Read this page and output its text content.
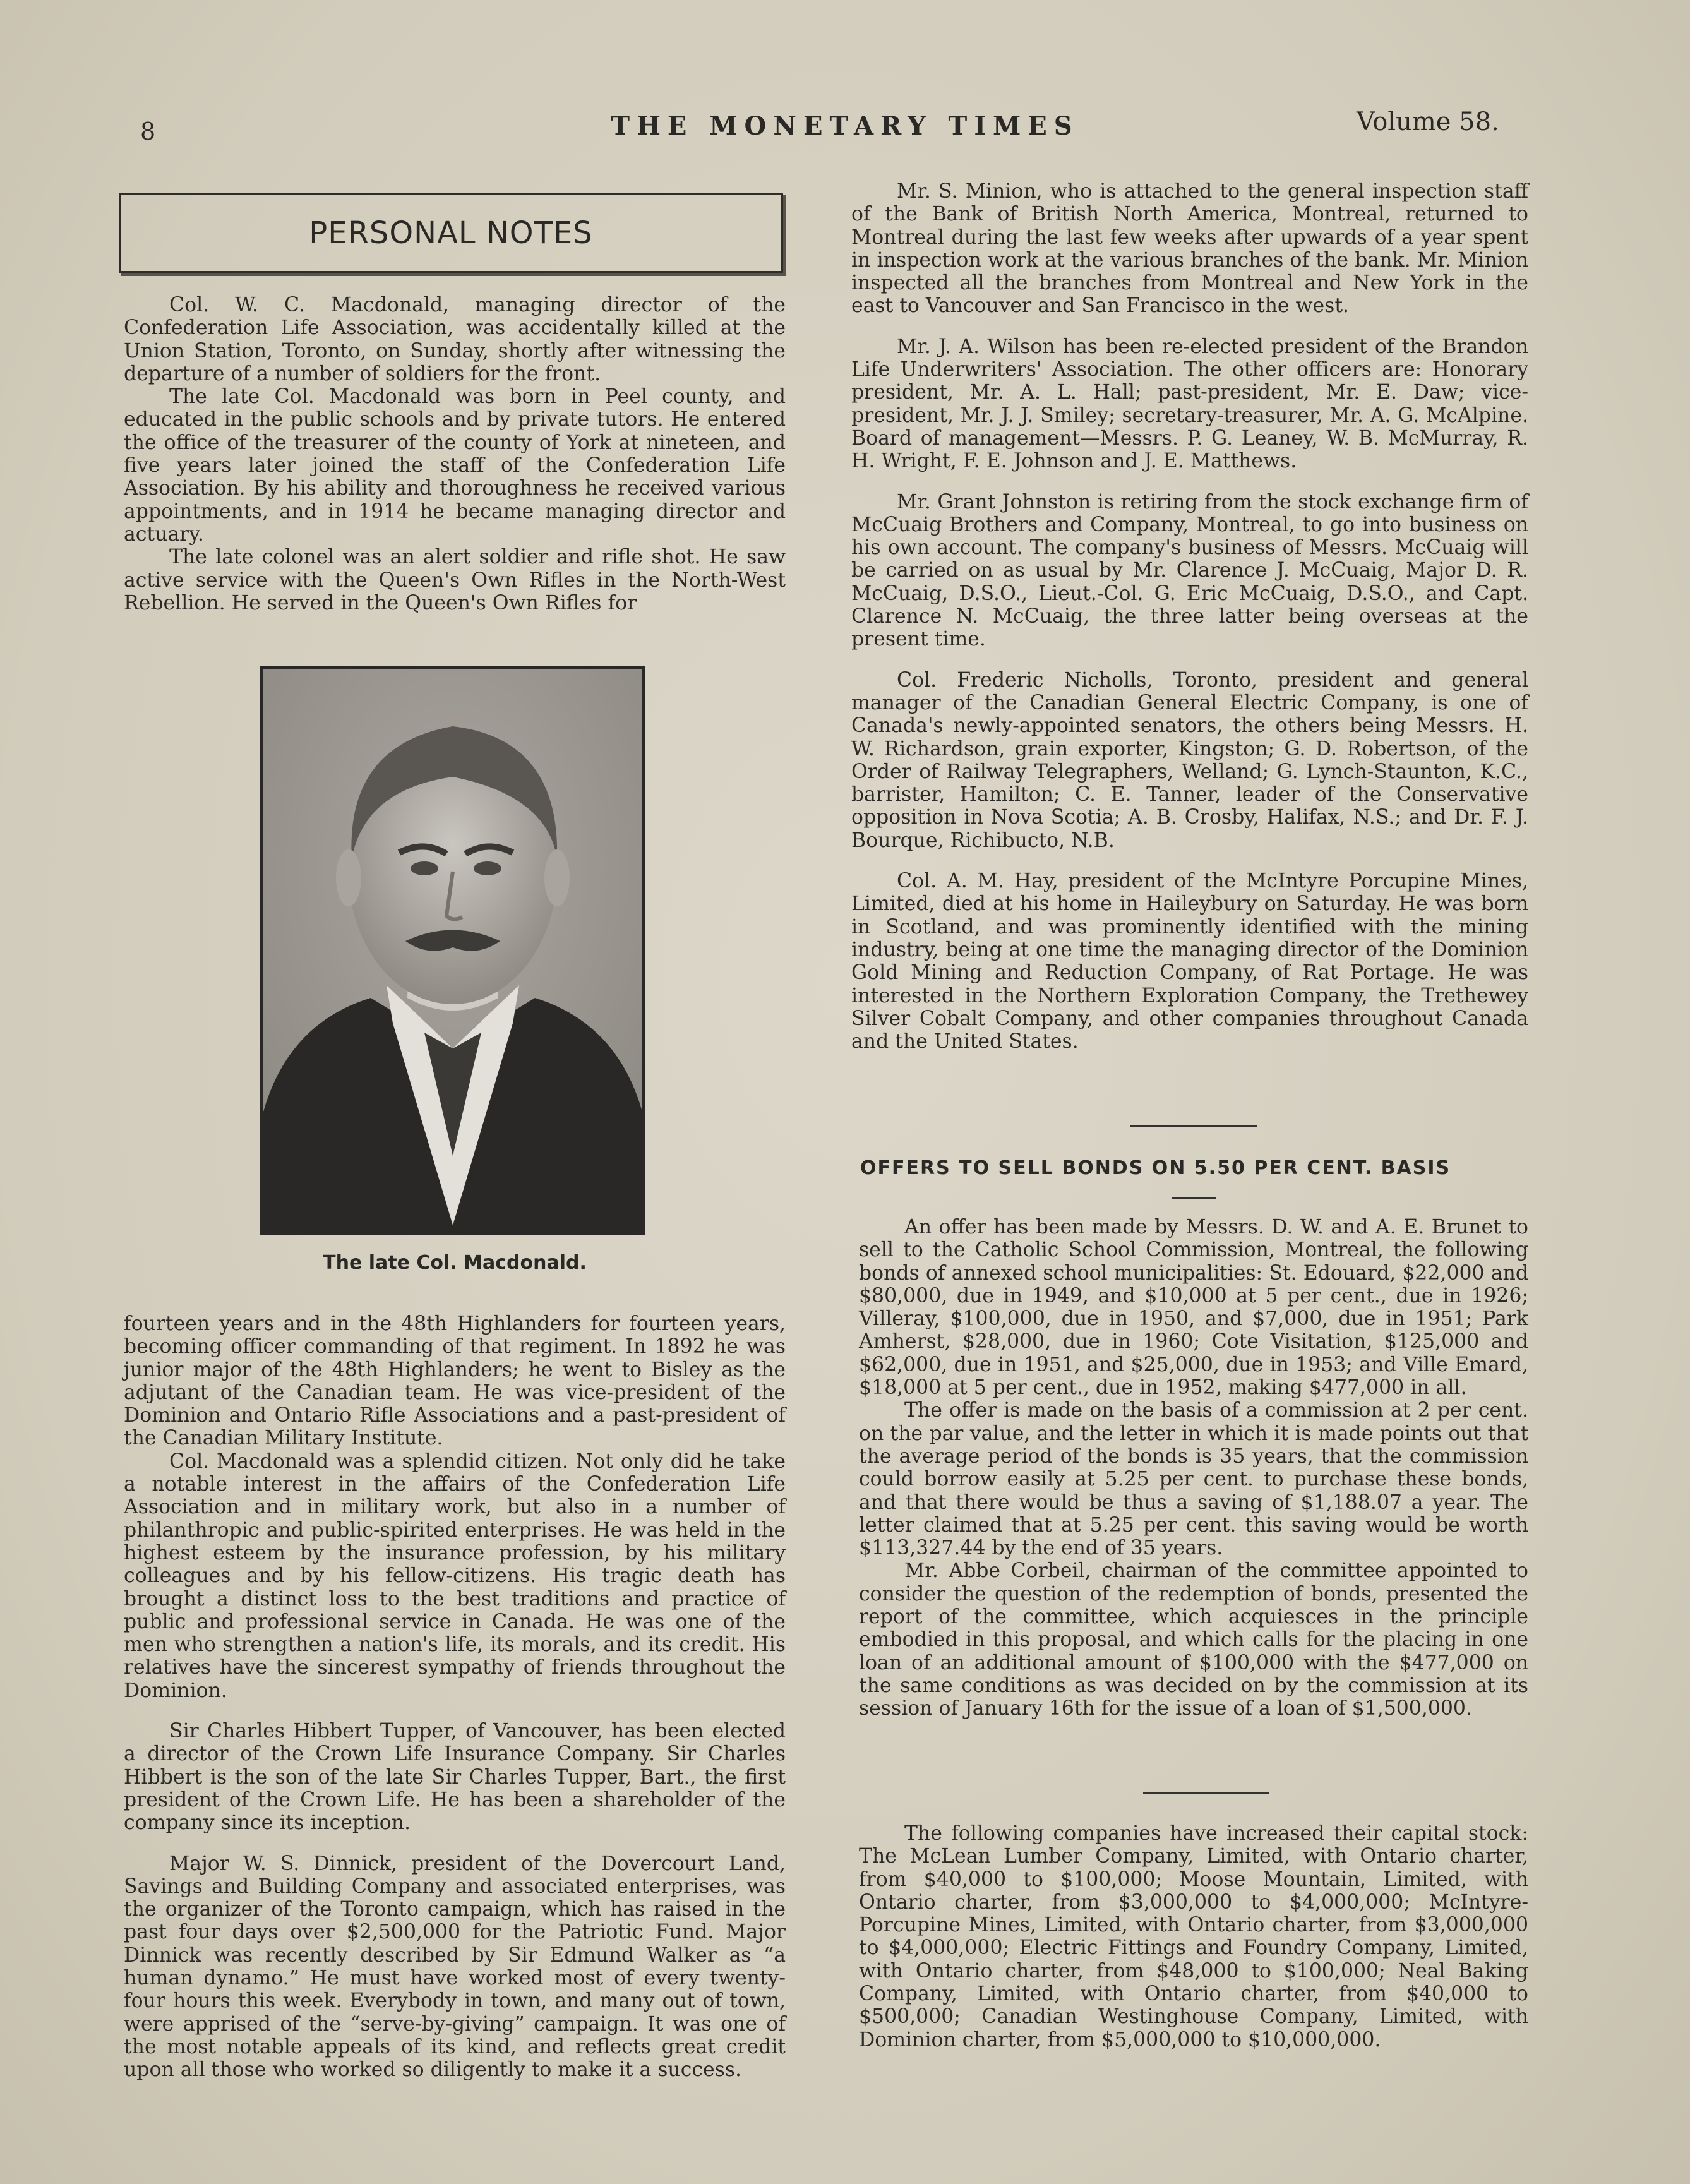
8	THE MONETARY TIMES	Volume 58.
PERSONAL NOTES

Col. W. C. Macdonald, managing director of the Confederation Life Association, was accidentally killed at the Union Station, Toronto, on Sunday, shortly after witnessing the departure of a number of soldiers for the front.

The late Col. Macdonald was born in Peel county, and educated in the public schools and by private tutors. He entered the office of the treasurer of the county of York at nineteen, and five years later joined the staff of the Confederation Life Association. By his ability and thoroughness he received various appointments, and in 1914 he became managing director and actuary.

The late colonel was an alert soldier and rifle shot. He saw active service with the Queen's Own Rifles in the North-West Rebellion. He served in the Queen's Own Rifles for

The late Col. Macdonald.

fourteen years and in the 48th Highlanders for fourteen years, becoming officer commanding of that regiment. In 1892 he was junior major of the 48th Highlanders; he went to Bisley as the adjutant of the Canadian team. He was vice-president of the Dominion and Ontario Rifle Associations and a past-president of the Canadian Military Institute.

Col. Macdonald was a splendid citizen. Not only did he take a notable interest in the affairs of the Confederation Life Association and in military work, but also in a number of philanthropic and public-spirited enterprises. He was held in the highest esteem by the insurance profession, by his military colleagues and by his fellow-citizens. His tragic death has brought a distinct loss to the best traditions and practice of public and professional service in Canada. He was one of the men who strengthen a nation's life, its morals, and its credit. His relatives have the sincerest sympathy of friends throughout the Dominion.

Sir Charles Hibbert Tupper, of Vancouver, has been elected a director of the Crown Life Insurance Company. Sir Charles Hibbert is the son of the late Sir Charles Tupper, Bart., the first president of the Crown Life. He has been a shareholder of the company since its inception.

Major W. S. Dinnick, president of the Dovercourt Land, Savings and Building Company and associated enterprises, was the organizer of the Toronto campaign, which has raised in the past four days over $2,500,000 for the Patriotic Fund. Major Dinnick was recently described by Sir Edmund Walker as “a human dynamo.” He must have worked most of every twenty-four hours this week. Everybody in town, and many out of town, were apprised of the “serve-by-giving” campaign. It was one of the most notable appeals of its kind, and reflects great credit upon all those who worked so diligently to make it a success.

Mr. S. Minion, who is attached to the general inspection staff of the Bank of British North America, Montreal, returned to Montreal during the last few weeks after upwards of a year spent in inspection work at the various branches of the bank. Mr. Minion inspected all the branches from Montreal and New York in the east to Vancouver and San Francisco in the west.

Mr. J. A. Wilson has been re-elected president of the Brandon Life Underwriters' Association. The other officers are: Honorary president, Mr. A. L. Hall; past-president, Mr. E. Daw; vice-president, Mr. J. J. Smiley; secretary-treasurer, Mr. A. G. McAlpine. Board of management—Messrs. P. G. Leaney, W. B. McMurray, R. H. Wright, F. E. Johnson and J. E. Matthews.

Mr. Grant Johnston is retiring from the stock exchange firm of McCuaig Brothers and Company, Montreal, to go into business on his own account. The company's business of Messrs. McCuaig will be carried on as usual by Mr. Clarence J. McCuaig, Major D. R. McCuaig, D.S.O., Lieut.-Col. G. Eric McCuaig, D.S.O., and Capt. Clarence N. McCuaig, the three latter being overseas at the present time.

Col. Frederic Nicholls, Toronto, president and general manager of the Canadian General Electric Company, is one of Canada's newly-appointed senators, the others being Messrs. H. W. Richardson, grain exporter, Kingston; G. D. Robertson, of the Order of Railway Telegraphers, Welland; G. Lynch-Staunton, K.C., barrister, Hamilton; C. E. Tanner, leader of the Conservative opposition in Nova Scotia; A. B. Crosby, Halifax, N.S.; and Dr. F. J. Bourque, Richibucto, N.B.

Col. A. M. Hay, president of the McIntyre Porcupine Mines, Limited, died at his home in Haileybury on Saturday. He was born in Scotland, and was prominently identified with the mining industry, being at one time the managing director of the Dominion Gold Mining and Reduction Company, of Rat Portage. He was interested in the Northern Exploration Company, the Trethewey Silver Cobalt Company, and other companies throughout Canada and the United States.

OFFERS TO SELL BONDS ON 5.50 PER CENT. BASIS

An offer has been made by Messrs. D. W. and A. E. Brunet to sell to the Catholic School Commission, Montreal, the following bonds of annexed school municipalities: St. Edouard, $22,000 and $80,000, due in 1949, and $10,000 at 5 per cent., due in 1926; Villeray, $100,000, due in 1950, and $7,000, due in 1951; Park Amherst, $28,000, due in 1960; Cote Visitation, $125,000 and $62,000, due in 1951, and $25,000, due in 1953; and Ville Emard, $18,000 at 5 per cent., due in 1952, making $477,000 in all.

The offer is made on the basis of a commission at 2 per cent. on the par value, and the letter in which it is made points out that the average period of the bonds is 35 years, that the commission could borrow easily at 5.25 per cent. to purchase these bonds, and that there would be thus a saving of $1,188.07 a year. The letter claimed that at 5.25 per cent. this saving would be worth $113,327.44 by the end of 35 years.

Mr. Abbe Corbeil, chairman of the committee appointed to consider the question of the redemption of bonds, presented the report of the committee, which acquiesces in the principle embodied in this proposal, and which calls for the placing in one loan of an additional amount of $100,000 with the $477,000 on the same conditions as was decided on by the commission at its session of January 16th for the issue of a loan of $1,500,000.

The following companies have increased their capital stock: The McLean Lumber Company, Limited, with Ontario charter, from $40,000 to $100,000; Moose Mountain, Limited, with Ontario charter, from $3,000,000 to $4,000,000; McIntyre-Porcupine Mines, Limited, with Ontario charter, from $3,000,000 to $4,000,000; Electric Fittings and Foundry Company, Limited, with Ontario charter, from $48,000 to $100,000; Neal Baking Company, Limited, with Ontario charter, from $40,000 to $500,000; Canadian Westinghouse Company, Limited, with Dominion charter, from $5,000,000 to $10,000,000.
